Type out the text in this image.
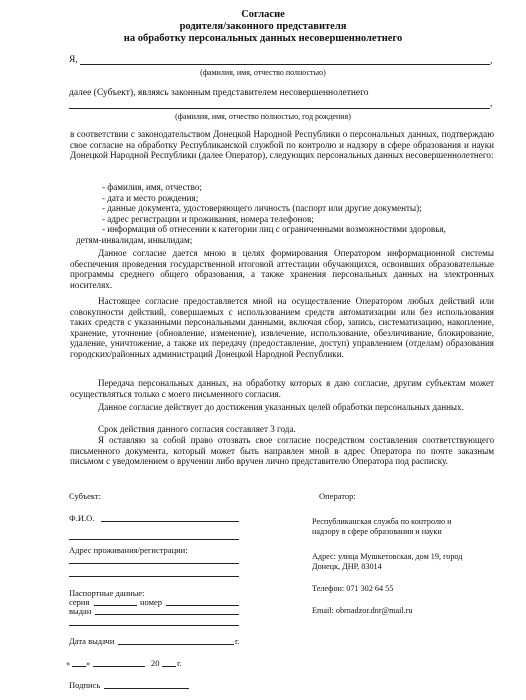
Согласие
родителя/законного представителя
на обработку персональных данных несовершеннолетнего
Я,	,
(фамилия, имя, отчество полностью)
далее (Субъект), являясь законным представителем несовершеннолетнего
,
(фамилия, имя, отчество полностью, год рождения)
в соответствии с законодательством Донецкой Народной Республики о персональных данных, подтверждаю свое согласие на обработку Республиканской службой по контролю и надзору в сфере образования и науки Донецкой Народной Республики (далее Оператор), следующих персональных данных несовершеннолетнего:
- фамилия, имя, отчество;
- дата и место рождения;
- данные документа, удостоверяющего личность (паспорт или другие документы);
- адрес регистрации и проживания, номера телефонов;
- информация об отнесении к категории лиц с ограниченными возможностями здоровья,
детям-инвалидам, инвалидам;
Данное согласие дается мною в целях формирования Оператором информационной системы обеспечения проведения государственной итоговой аттестации обучающихся, освоивших образовательные программы среднего общего образования, а также хранения персональных данных на электронных носителях.
Настоящее согласие предоставляется мной на осуществление Оператором любых действий или совокупности действий, совершаемых с использованием средств автоматизации или без использования таких средств с указанными персональными данными, включая сбор, запись, систематизацию, накопление, хранение, уточнение (обновление, изменение), извлечение, использование, обезличивание, блокирование, удаление, уничтожение, а также их передачу (предоставление, доступ) управлением (отделам) образования городских/районных администраций Донецкой Народной Республики.
Передача персональных данных, на обработку которых я даю согласие, другим субъектам может осуществляться только с моего письменного согласия.
Данное согласие действует до достижения указанных целей обработки персональных данных.
Срок действия данного согласия составляет 3 года.
Я оставляю за собой право отозвать свое согласие посредством составления соответствующего письменного документа, который может быть направлен мной в адрес Оператора по почте заказным письмом с уведомлением о вручении либо вручен лично представителю Оператора под расписку.
Субъект:
Ф.И.О.
Адрес проживания/регистрации:
Паспортные данные:
серия	номер
выдан
Дата выдачи	г.
« »	20 г.
Подпись
Оператор:
Республиканская служба по контролю и
надзору в сфере образования и науки
Адрес: улица Мушкетовская, дом 19, город
Донецк, ДНР, 83014
Телефон: 071 302 64 55
Email: obrnadzor.dnr@mail.ru
